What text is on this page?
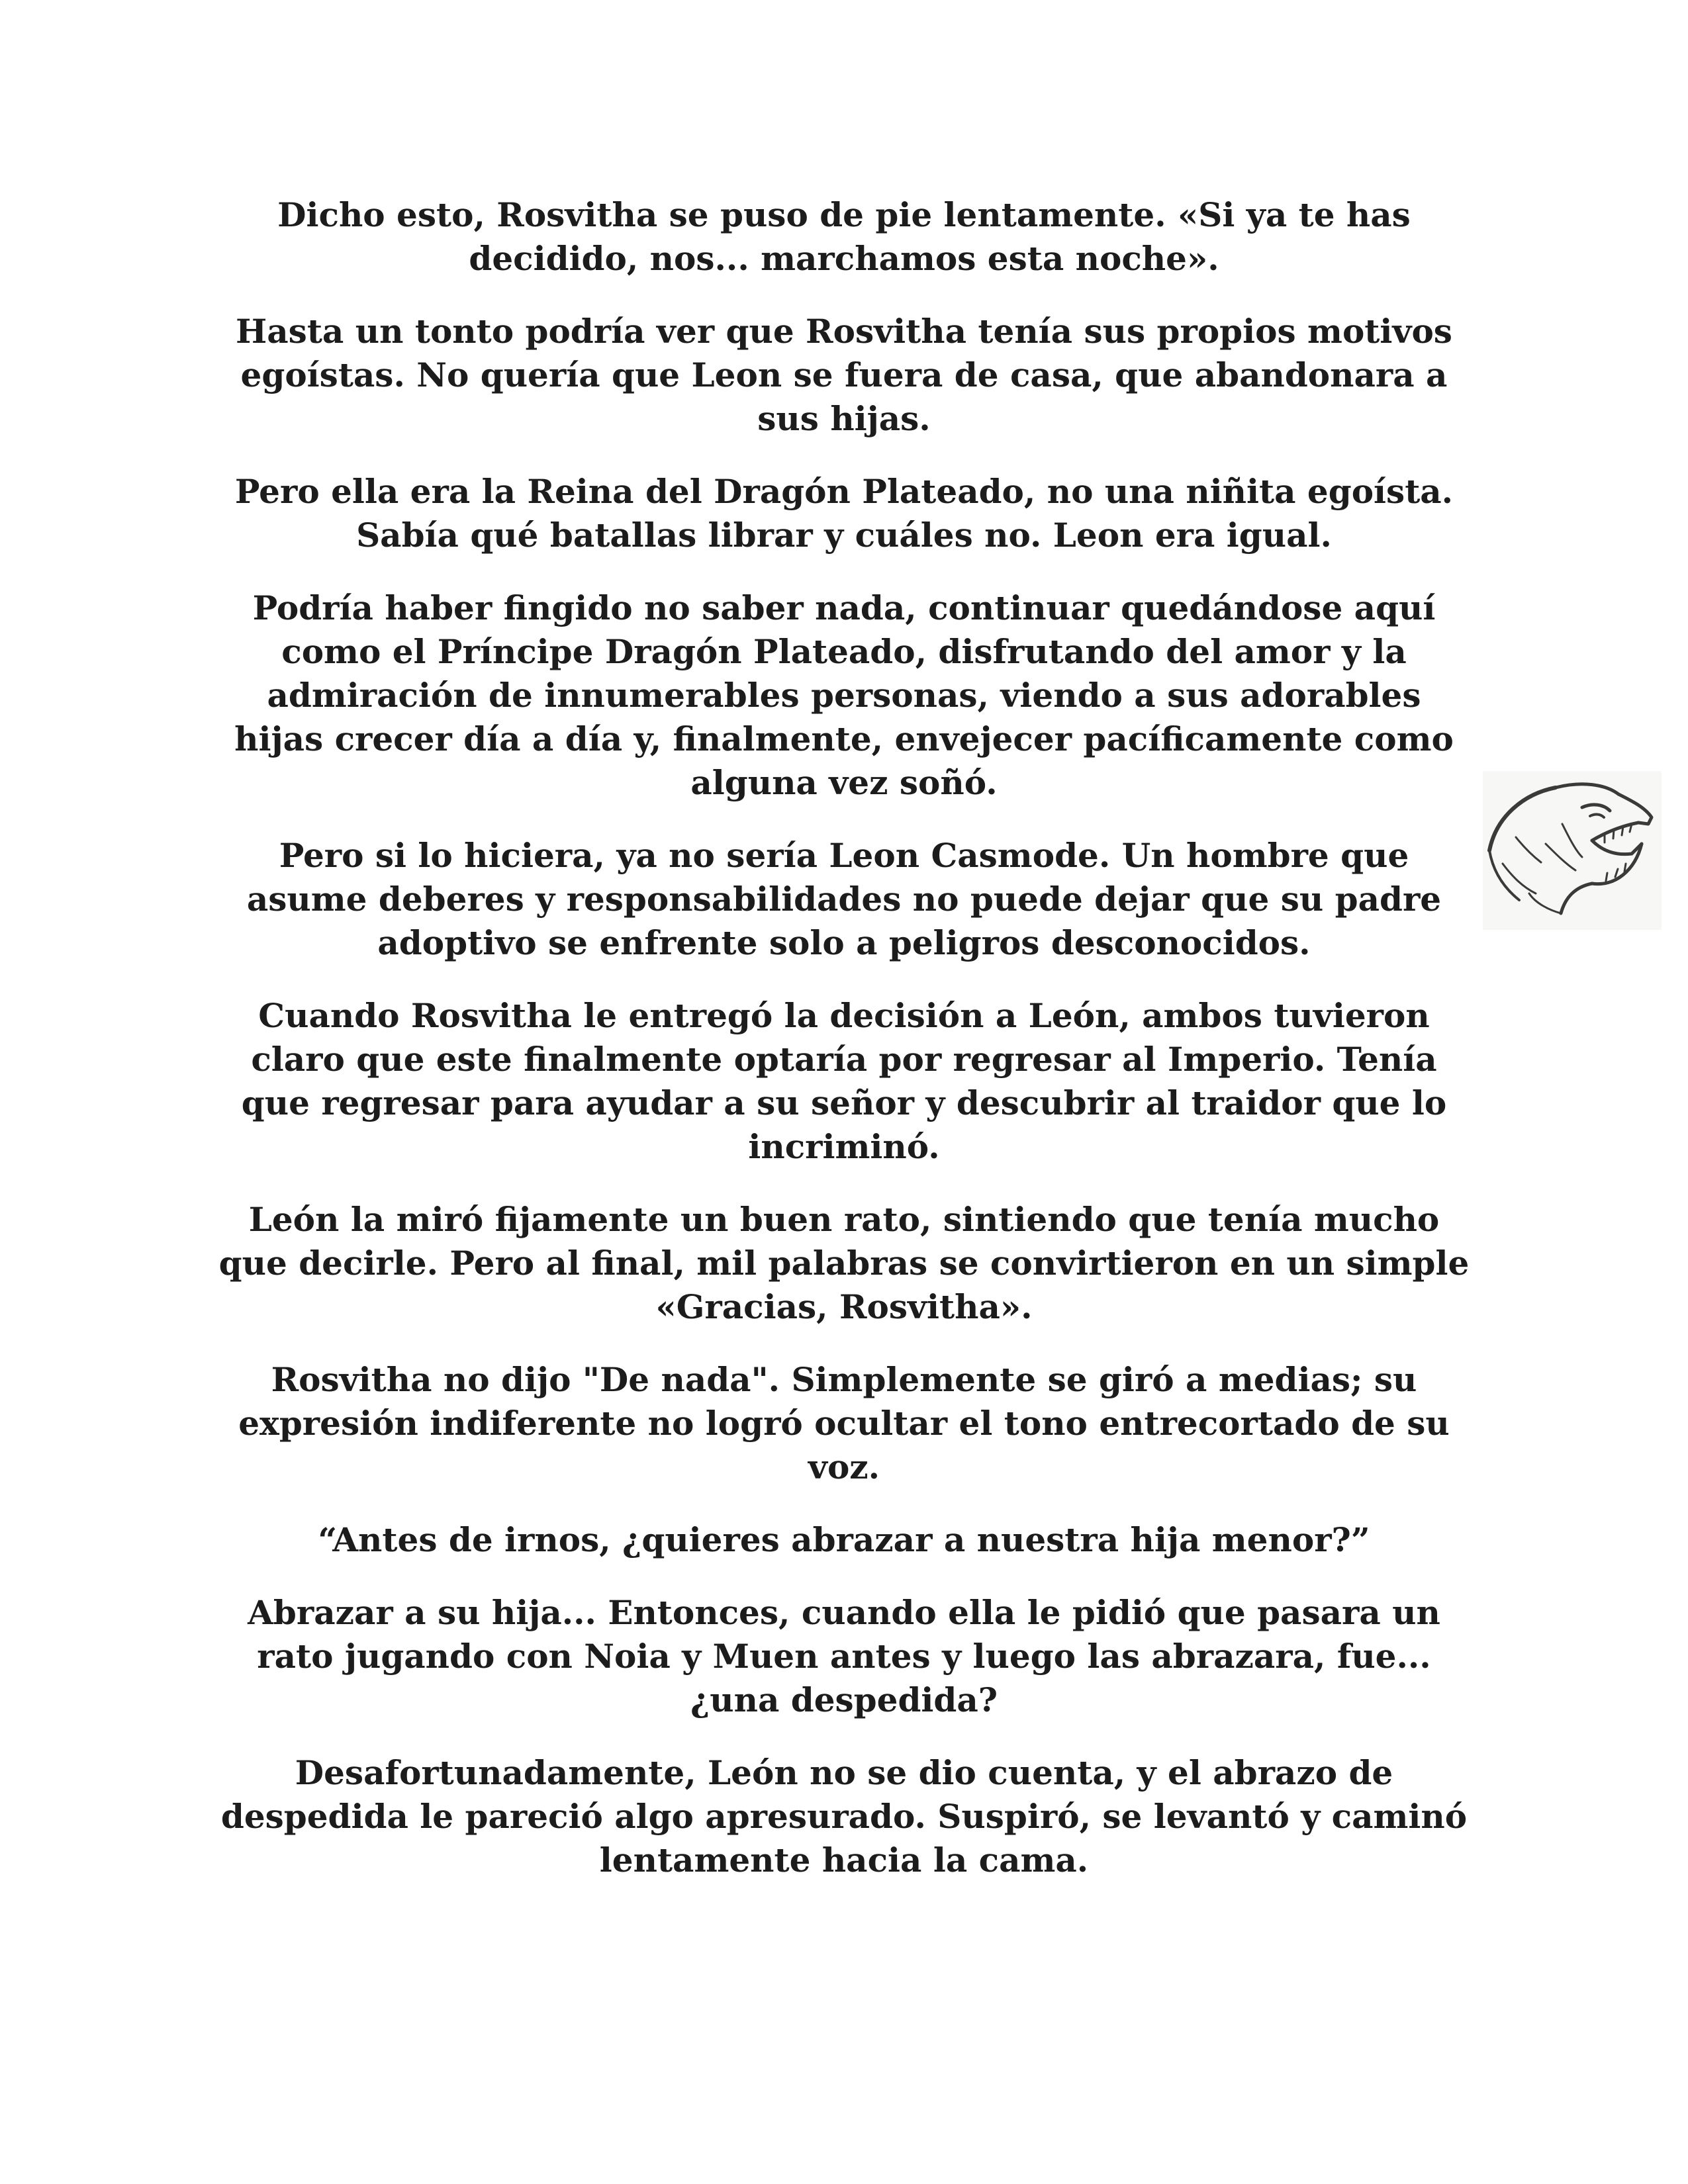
Dicho esto, Rosvitha se puso de pie lentamente. «Si ya te has decidido, nos... marchamos esta noche».

Hasta un tonto podría ver que Rosvitha tenía sus propios motivos egoístas. No quería que Leon se fuera de casa, que abandonara a sus hijas.

Pero ella era la Reina del Dragón Plateado, no una niñita egoísta. Sabía qué batallas librar y cuáles no. Leon era igual.

Podría haber fingido no saber nada, continuar quedándose aquí como el Príncipe Dragón Plateado, disfrutando del amor y la admiración de innumerables personas, viendo a sus adorables hijas crecer día a día y, finalmente, envejecer pacíficamente como alguna vez soñó.

Pero si lo hiciera, ya no sería Leon Casmode. Un hombre que asume deberes y responsabilidades no puede dejar que su padre adoptivo se enfrente solo a peligros desconocidos.

Cuando Rosvitha le entregó la decisión a León, ambos tuvieron claro que este finalmente optaría por regresar al Imperio. Tenía que regresar para ayudar a su señor y descubrir al traidor que lo incriminó.

León la miró fijamente un buen rato, sintiendo que tenía mucho que decirle. Pero al final, mil palabras se convirtieron en un simple «Gracias, Rosvitha».

Rosvitha no dijo "De nada". Simplemente se giró a medias; su expresión indiferente no logró ocultar el tono entrecortado de su voz.

“Antes de irnos, ¿quieres abrazar a nuestra hija menor?”

Abrazar a su hija... Entonces, cuando ella le pidió que pasara un rato jugando con Noia y Muen antes y luego las abrazara, fue... ¿una despedida?

Desafortunadamente, León no se dio cuenta, y el abrazo de despedida le pareció algo apresurado. Suspiró, se levantó y caminó lentamente hacia la cama.
